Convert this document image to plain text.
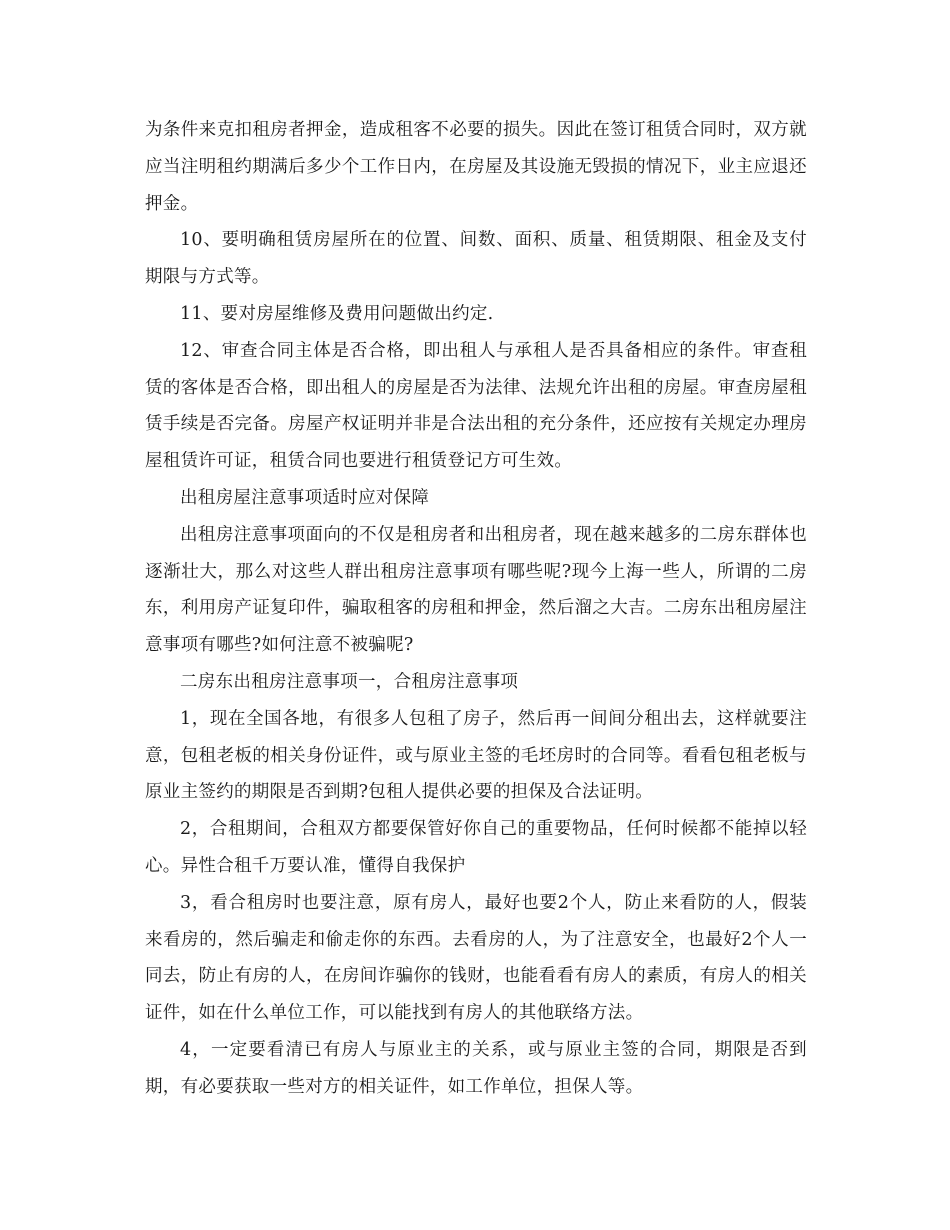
为条件来克扣租房者押金，造成租客不必要的损失。因此在签订租赁合同时，双方就应当注明租约期满后多少个工作日内，在房屋及其设施无毁损的情况下，业主应退还押金。

10、要明确租赁房屋所在的位置、间数、面积、质量、租赁期限、租金及支付期限与方式等。

11、要对房屋维修及费用问题做出约定.

12、审查合同主体是否合格，即出租人与承租人是否具备相应的条件。审查租赁的客体是否合格，即出租人的房屋是否为法律、法规允许出租的房屋。审查房屋租赁手续是否完备。房屋产权证明并非是合法出租的充分条件，还应按有关规定办理房屋租赁许可证，租赁合同也要进行租赁登记方可生效。

出租房屋注意事项适时应对保障

出租房注意事项面向的不仅是租房者和出租房者，现在越来越多的二房东群体也逐渐壮大，那么对这些人群出租房注意事项有哪些呢?现今上海一些人，所谓的二房东，利用房产证复印件，骗取租客的房租和押金，然后溜之大吉。二房东出租房屋注意事项有哪些?如何注意不被骗呢?

二房东出租房注意事项一，合租房注意事项

1，现在全国各地，有很多人包租了房子，然后再一间间分租出去，这样就要注意，包租老板的相关身份证件，或与原业主签的毛坯房时的合同等。看看包租老板与原业主签约的期限是否到期?包租人提供必要的担保及合法证明。

2，合租期间，合租双方都要保管好你自己的重要物品，任何时候都不能掉以轻心。异性合租千万要认准，懂得自我保护

3，看合租房时也要注意，原有房人，最好也要2个人，防止来看防的人，假装来看房的，然后骗走和偷走你的东西。去看房的人，为了注意安全，也最好2个人一同去，防止有房的人，在房间诈骗你的钱财，也能看看有房人的素质，有房人的相关证件，如在什么单位工作，可以能找到有房人的其他联络方法。

4，一定要看清已有房人与原业主的关系，或与原业主签的合同，期限是否到期，有必要获取一些对方的相关证件，如工作单位，担保人等。
